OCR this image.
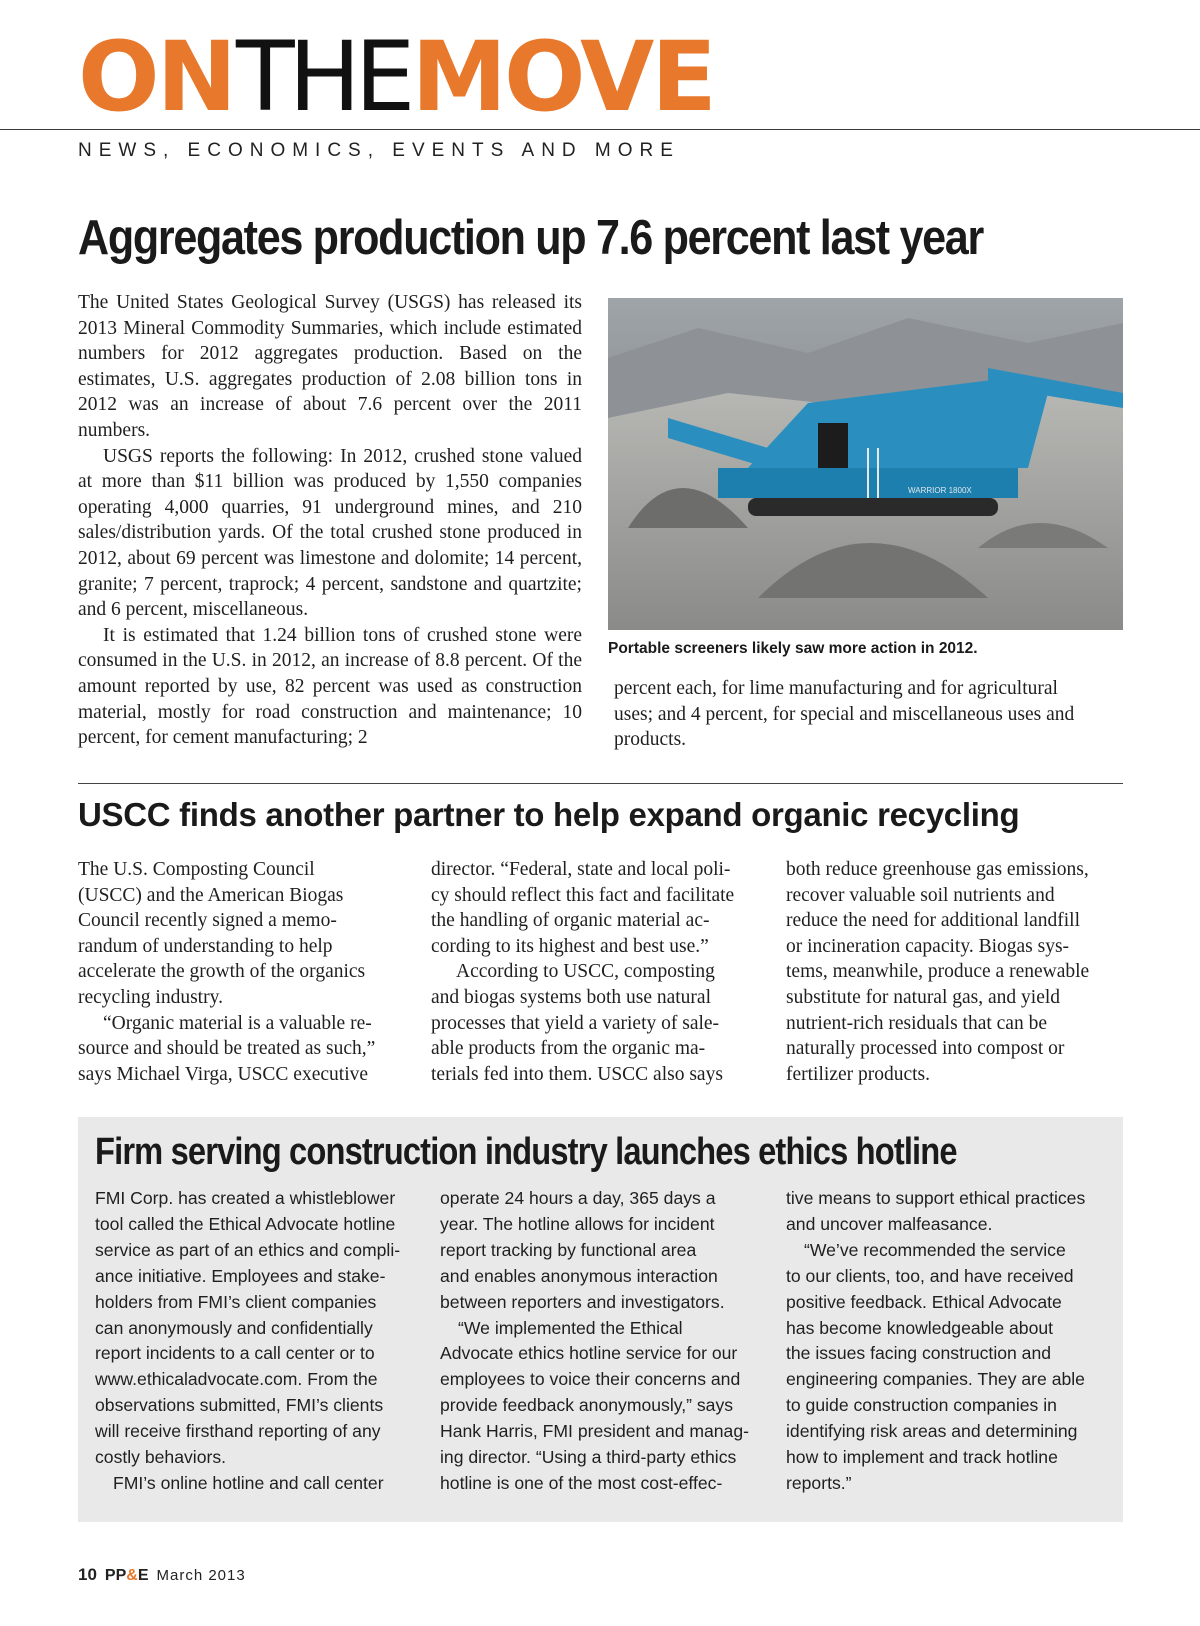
ONTHEMOVE
NEWS, ECONOMICS, EVENTS AND MORE
Aggregates production up 7.6 percent last year

The United States Geological Survey (USGS) has released its 2013 Mineral Commodity Summaries, which include estimated numbers for 2012 aggregates production. Based on the estimates, U.S. aggregates production of 2.08 billion tons in 2012 was an increase of about 7.6 percent over the 2011 numbers.

USGS reports the following: In 2012, crushed stone valued at more than $11 billion was produced by 1,550 companies operating 4,000 quarries, 91 underground mines, and 210 sales/distribution yards. Of the total crushed stone produced in 2012, about 69 percent was limestone and dolomite; 14 percent, granite; 7 percent, traprock; 4 percent, sandstone and quartzite; and 6 percent, miscellaneous.

It is estimated that 1.24 billion tons of crushed stone were consumed in the U.S. in 2012, an increase of 8.8 percent. Of the amount reported by use, 82 percent was used as construction material, mostly for road construction and maintenance; 10 percent, for cement manufacturing; 2

WARRIOR 1800X
Portable screeners likely saw more action in 2012.
percent each, for lime manufacturing and for agricultural
uses; and 4 percent, for special and miscellaneous uses and
products.
USCC finds another partner to help expand organic recycling
The U.S. Composting Council
(USCC) and the American Biogas
Council recently signed a memo-
randum of understanding to help
accelerate the growth of the organics
recycling industry.
“Organic material is a valuable re-
source and should be treated as such,”
says Michael Virga, USCC executive
director. “Federal, state and local poli-
cy should reflect this fact and facilitate
the handling of organic material ac-
cording to its highest and best use.”
According to USCC, composting
and biogas systems both use natural
processes that yield a variety of sale-
able products from the organic ma-
terials fed into them. USCC also says
both reduce greenhouse gas emissions,
recover valuable soil nutrients and
reduce the need for additional landfill
or incineration capacity. Biogas sys-
tems, meanwhile, produce a renewable
substitute for natural gas, and yield
nutrient-rich residuals that can be
naturally processed into compost or
fertilizer products.
Firm serving construction industry launches ethics hotline
FMI Corp. has created a whistleblower
tool called the Ethical Advocate hotline
service as part of an ethics and compli-
ance initiative. Employees and stake-
holders from FMI’s client companies
can anonymously and confidentially
report incidents to a call center or to
www.ethicaladvocate.com. From the
observations submitted, FMI’s clients
will receive firsthand reporting of any
costly behaviors.
FMI’s online hotline and call center
operate 24 hours a day, 365 days a
year. The hotline allows for incident
report tracking by functional area
and enables anonymous interaction
between reporters and investigators.
“We implemented the Ethical
Advocate ethics hotline service for our
employees to voice their concerns and
provide feedback anonymously,” says
Hank Harris, FMI president and manag-
ing director. “Using a third-party ethics
hotline is one of the most cost-effec-
tive means to support ethical practices
and uncover malfeasance.
“We’ve recommended the service
to our clients, too, and have received
positive feedback. Ethical Advocate
has become knowledgeable about
the issues facing construction and
engineering companies. They are able
to guide construction companies in
identifying risk areas and determining
how to implement and track hotline
reports.”
10 PP&E March 2013
